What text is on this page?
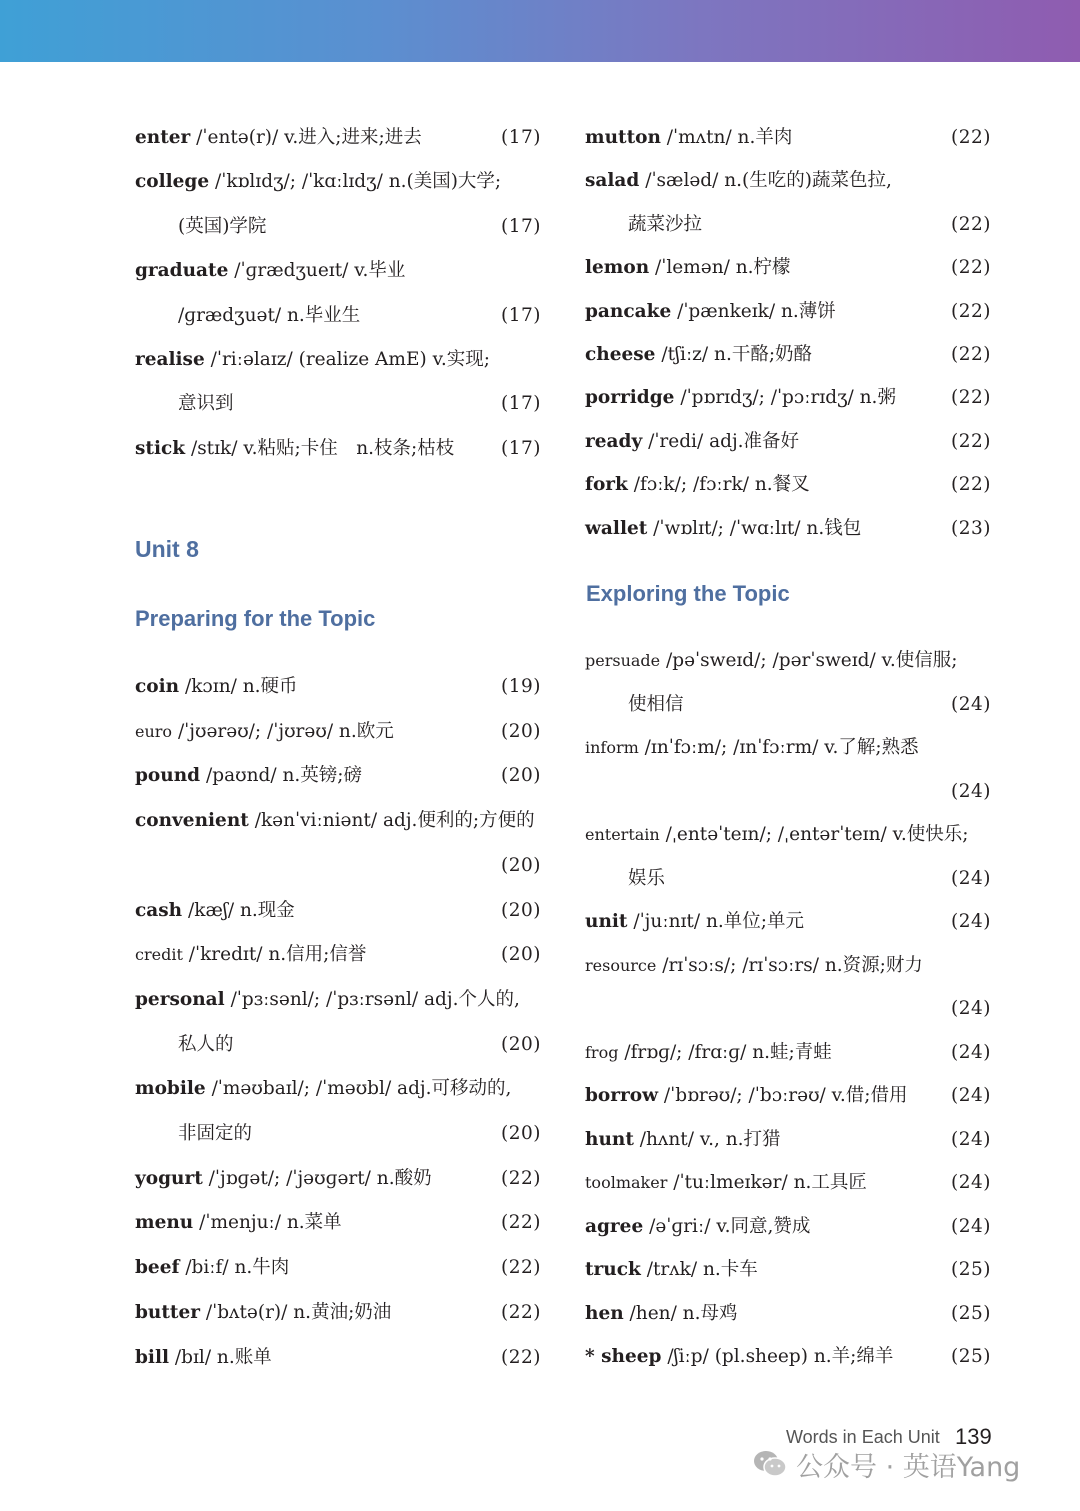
enter /ˈentə(r)/ v.进入;进来;进去	(17)
college /ˈkɒlɪdʒ/; /ˈkɑːlɪdʒ/ n.(美国)大学;
(英国)学院	(17)
graduate /ˈɡrædʒueɪt/ v.毕业
/ɡrædʒuət/ n.毕业生	(17)
realise /ˈriːəlaɪz/ (realize AmE) v.实现;
意识到	(17)
stick /stɪk/ v.粘贴;卡住　n.枝条;枯枝	(17)
coin /kɔɪn/ n.硬币	(19)
euro /ˈjʊərəʊ/; /ˈjʊrəʊ/ n.欧元	(20)
pound /paʊnd/ n.英镑;磅	(20)
convenient /kənˈviːniənt/ adj.便利的;方便的
(20)
cash /kæʃ/ n.现金	(20)
credit /ˈkredɪt/ n.信用;信誉	(20)
personal /ˈpɜːsənl/; /ˈpɜːrsənl/ adj.个人的,
私人的	(20)
mobile /ˈməʊbaɪl/; /ˈməʊbl/ adj.可移动的,
非固定的	(20)
yogurt /ˈjɒɡət/; /ˈjəʊɡərt/ n.酸奶	(22)
menu /ˈmenjuː/ n.菜单	(22)
beef /biːf/ n.牛肉	(22)
butter /ˈbʌtə(r)/ n.黄油;奶油	(22)
bill /bɪl/ n.账单	(22)
Unit 8
Preparing for the Topic
mutton /ˈmʌtn/ n.羊肉	(22)
salad /ˈsæləd/ n.(生吃的)蔬菜色拉,
蔬菜沙拉	(22)
lemon /ˈlemən/ n.柠檬	(22)
pancake /ˈpænkeɪk/ n.薄饼	(22)
cheese /tʃiːz/ n.干酪;奶酪	(22)
porridge /ˈpɒrɪdʒ/; /ˈpɔːrɪdʒ/ n.粥	(22)
ready /ˈredi/ adj.准备好	(22)
fork /fɔːk/; /fɔːrk/ n.餐叉	(22)
wallet /ˈwɒlɪt/; /ˈwɑːlɪt/ n.钱包	(23)
persuade /pəˈsweɪd/; /pərˈsweɪd/ v.使信服;
使相信	(24)
inform /ɪnˈfɔːm/; /ɪnˈfɔːrm/ v.了解;熟悉
(24)
entertain /ˌentəˈteɪn/; /ˌentərˈteɪn/ v.使快乐;
娱乐	(24)
unit /ˈjuːnɪt/ n.单位;单元	(24)
resource /rɪˈsɔːs/; /rɪˈsɔːrs/ n.资源;财力
(24)
frog /frɒɡ/; /frɑːɡ/ n.蛙;青蛙	(24)
borrow /ˈbɒrəʊ/; /ˈbɔːrəʊ/ v.借;借用 (24)
hunt /hʌnt/ v., n.打猎	(24)
toolmaker /ˈtuːlmeɪkər/ n.工具匠	(24)
agree /əˈɡriː/ v.同意,赞成	(24)
truck /trʌk/ n.卡车	(25)
hen /hen/ n.母鸡	(25)
* sheep /ʃiːp/ (pl.sheep) n.羊;绵羊	(25)
Exploring the Topic
Words in Each Unit 139
公众号 · 英语Yang
